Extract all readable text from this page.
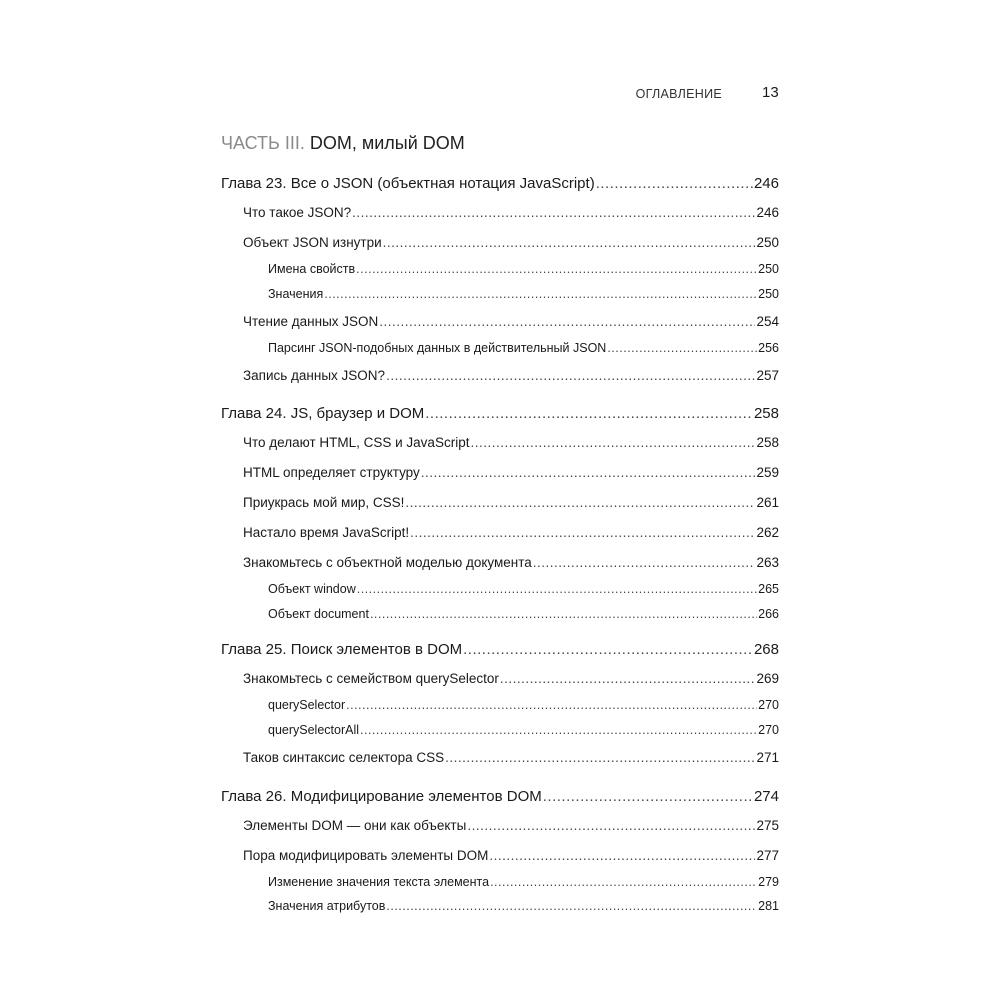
ОГЛАВЛЕНИЕ	13
ЧАСТЬ III. DOM, милый DOM
Глава 23. Все о JSON (объектная нотация JavaScript) .....	246
Что такое JSON? .....	246
Объект JSON изнутри .....	250
Имена свойств .....	250
Значения .....	250
Чтение данных JSON .....	254
Парсинг JSON-подобных данных в действительный JSON .....	256
Запись данных JSON? .....	257
Глава 24. JS, браузер и DOM .....	258
Что делают HTML, CSS и JavaScript .....	258
HTML определяет структуру .....	259
Приукрась мой мир, CSS! .....	261
Настало время JavaScript! .....	262
Знакомьтесь с объектной моделью документа .....	263
Объект window .....	265
Объект document .....	266
Глава 25. Поиск элементов в DOM .....	268
Знакомьтесь с семейством querySelector .....	269
querySelector .....	270
querySelectorAll .....	270
Таков синтаксис селектора CSS .....	271
Глава 26. Модифицирование элементов DOM .....	274
Элементы DOM — они как объекты .....	275
Пора модифицировать элементы DOM .....	277
Изменение значения текста элемента .....	279
Значения атрибутов .....	281
